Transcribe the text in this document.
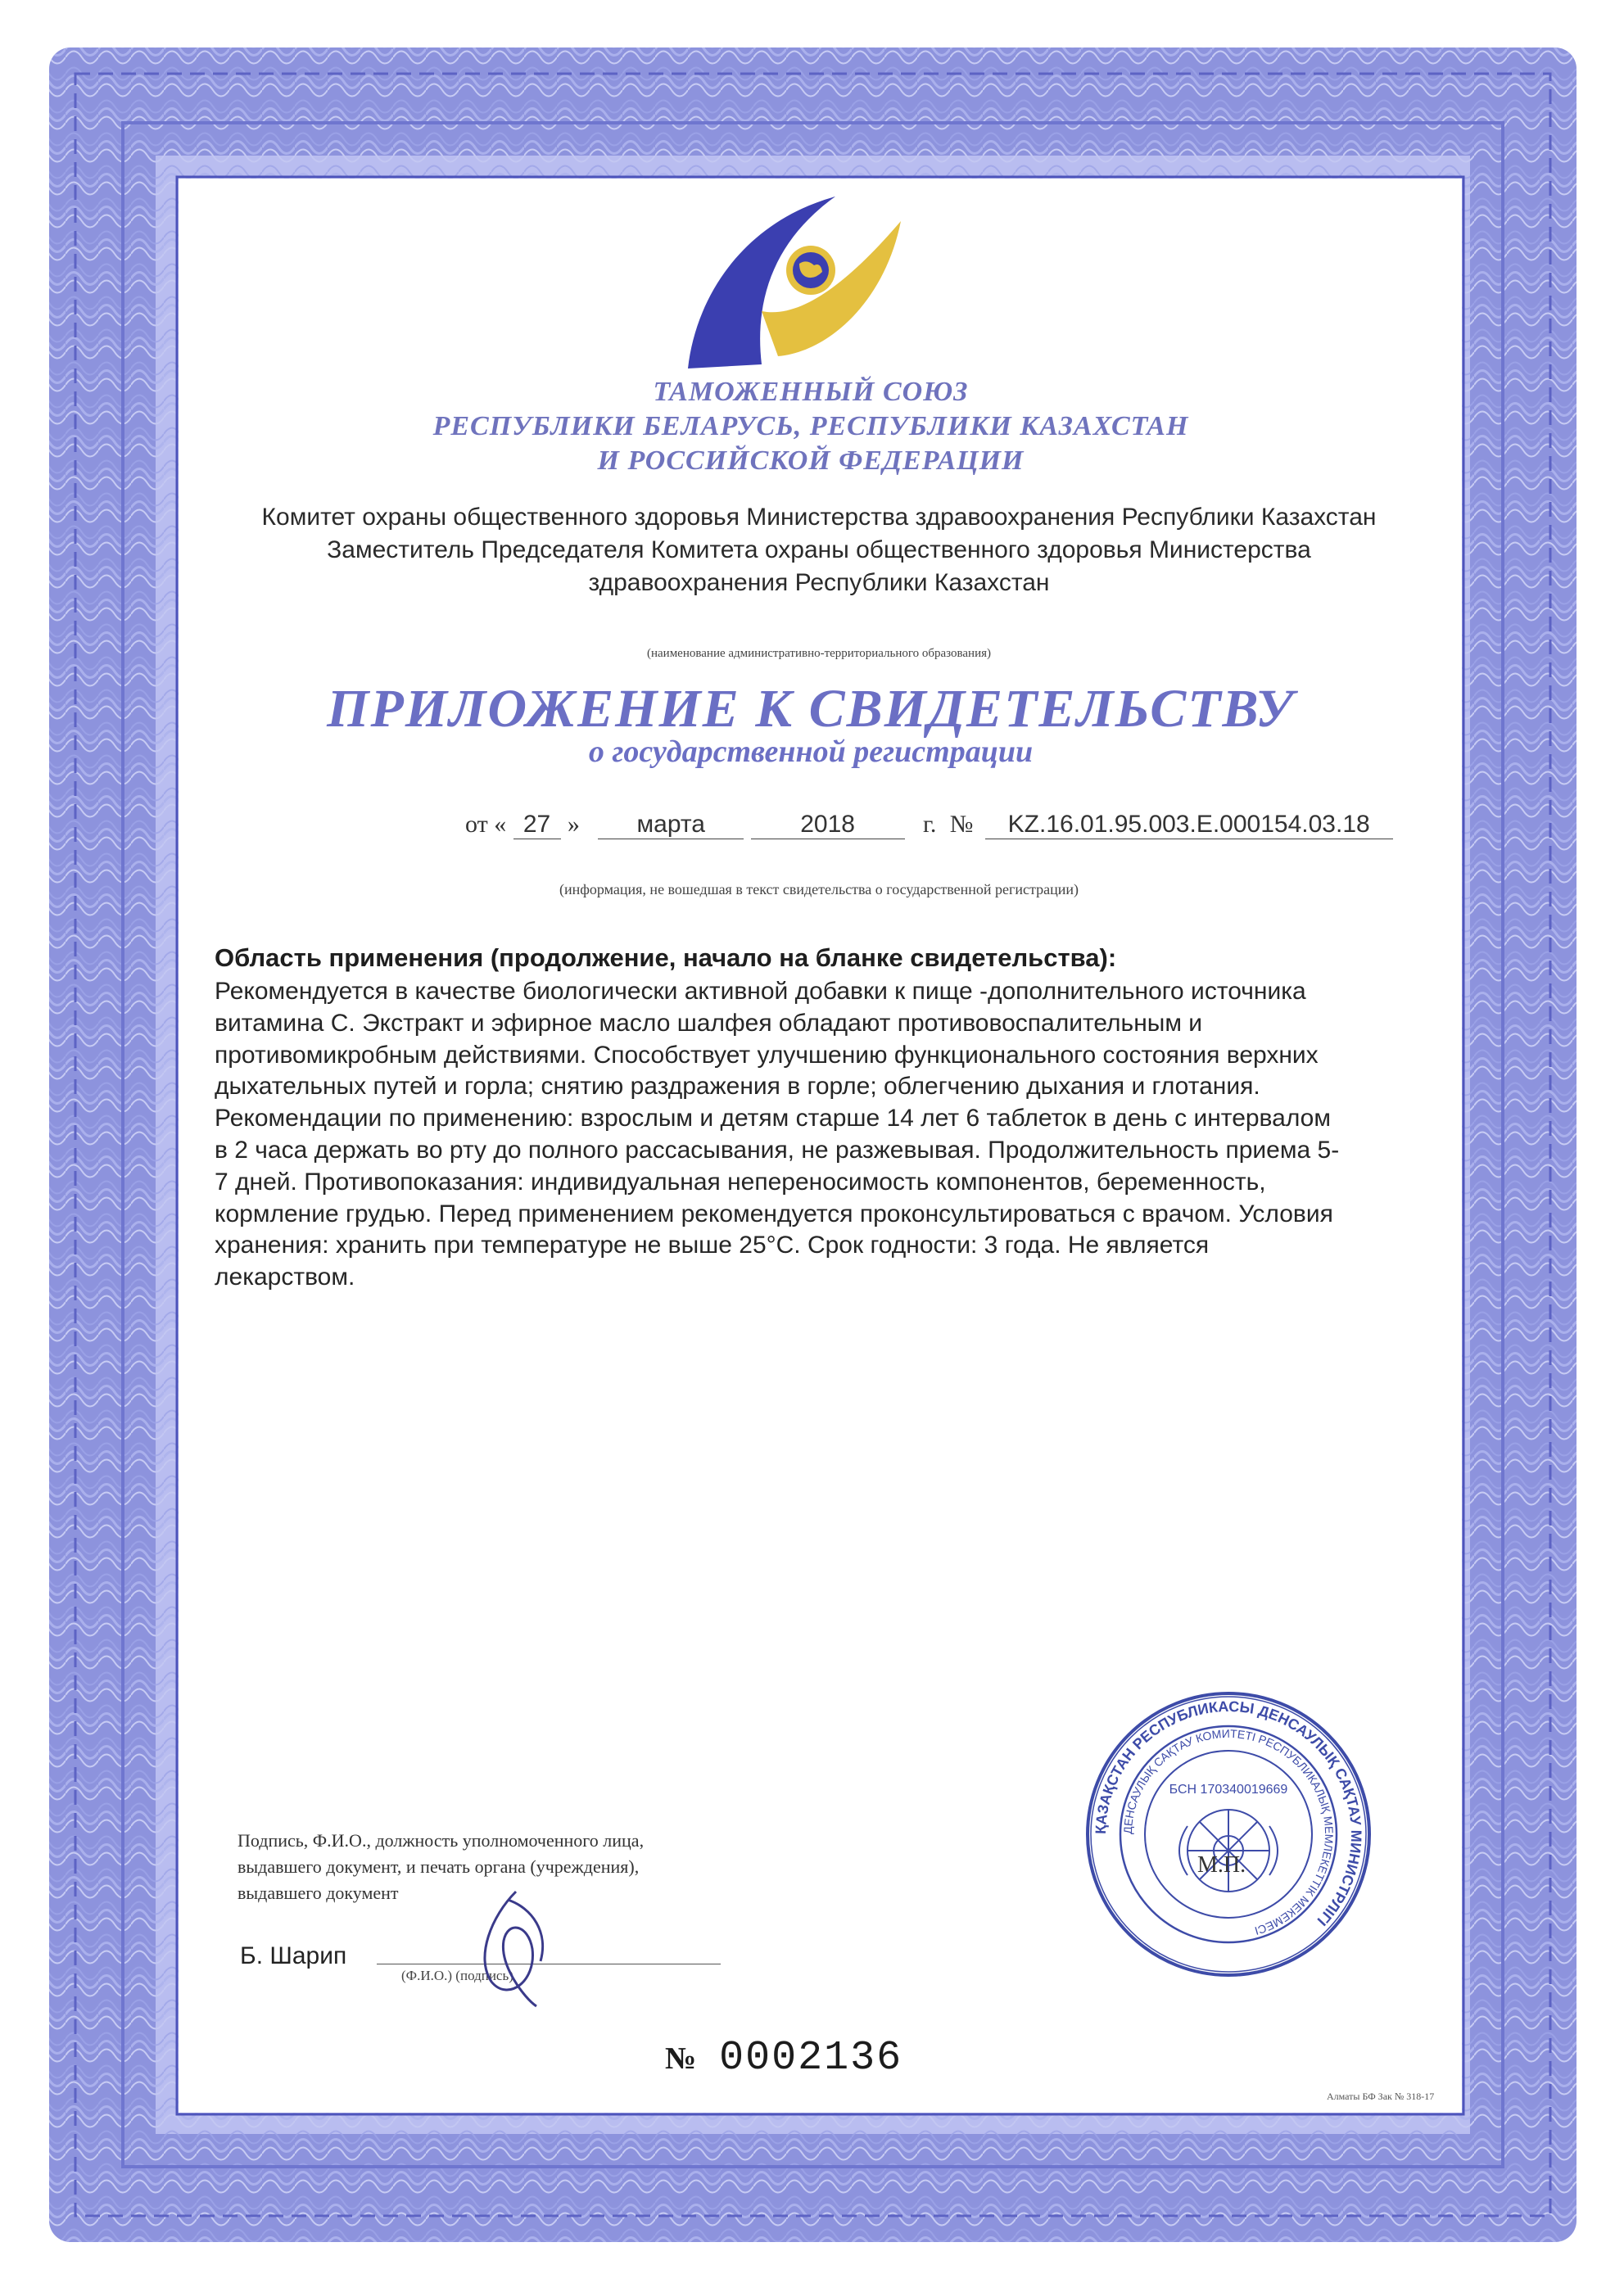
ТАМОЖЕННЫЙ СОЮЗ
РЕСПУБЛИКИ БЕЛАРУСЬ, РЕСПУБЛИКИ КАЗАХСТАН
И РОССИЙСКОЙ ФЕДЕРАЦИИ
Комитет охраны общественного здоровья Министерства здравоохранения Республики Казахстан
Заместитель Председателя Комитета охраны общественного здоровья Министерства
здравоохранения Республики Казахстан
(наименование административно-территориального образования)
ПРИЛОЖЕНИЕ К СВИДЕТЕЛЬСТВУ
о государственной регистрации
от « 27 » марта	2018	г. № KZ.16.01.95.003.Е.000154.03.18
(информация, не вошедшая в текст свидетельства о государственной регистрации)
Область применения (продолжение, начало на бланке свидетельства):
Рекомендуется в качестве биологически активной добавки к пище -дополнительного источника
витамина С. Экстракт и эфирное масло шалфея обладают противовоспалительным и
противомикробным действиями. Способствует улучшению функционального состояния верхних
дыхательных путей и горла; снятию раздражения в горле; облегчению дыхания и глотания.
Рекомендации по применению: взрослым и детям старше 14 лет 6 таблеток в день с интервалом
в 2 часа держать во рту до полного рассасывания, не разжевывая. Продолжительность приема 5-
7 дней. Противопоказания: индивидуальная непереносимость компонентов, беременность,
кормление грудью. Перед применением рекомендуется проконсультироваться с врачом. Условия
хранения: хранить при температуре не выше 25°С. Срок годности: 3 года. Не является
лекарством.
Подпись, Ф.И.О., должность уполномоченного лица,
выдавшего документ, и печать органа (учреждения),
выдавшего документ
Б. Шарип
(Ф.И.О.) (подпись)
ҚАЗАҚСТАН РЕСПУБЛИКАСЫ ДЕНСАУЛЫҚ САҚТАУ МИНИСТРЛІГІ
ДЕНСАУЛЫҚ САҚТАУ КОМИТЕТІ РЕСПУБЛИКАЛЫҚ МЕМЛЕКЕТТІК МЕКЕМЕСІ
БСН 170340019669
М.П.
№ 0002136
Алматы БФ Зак № 318-17
